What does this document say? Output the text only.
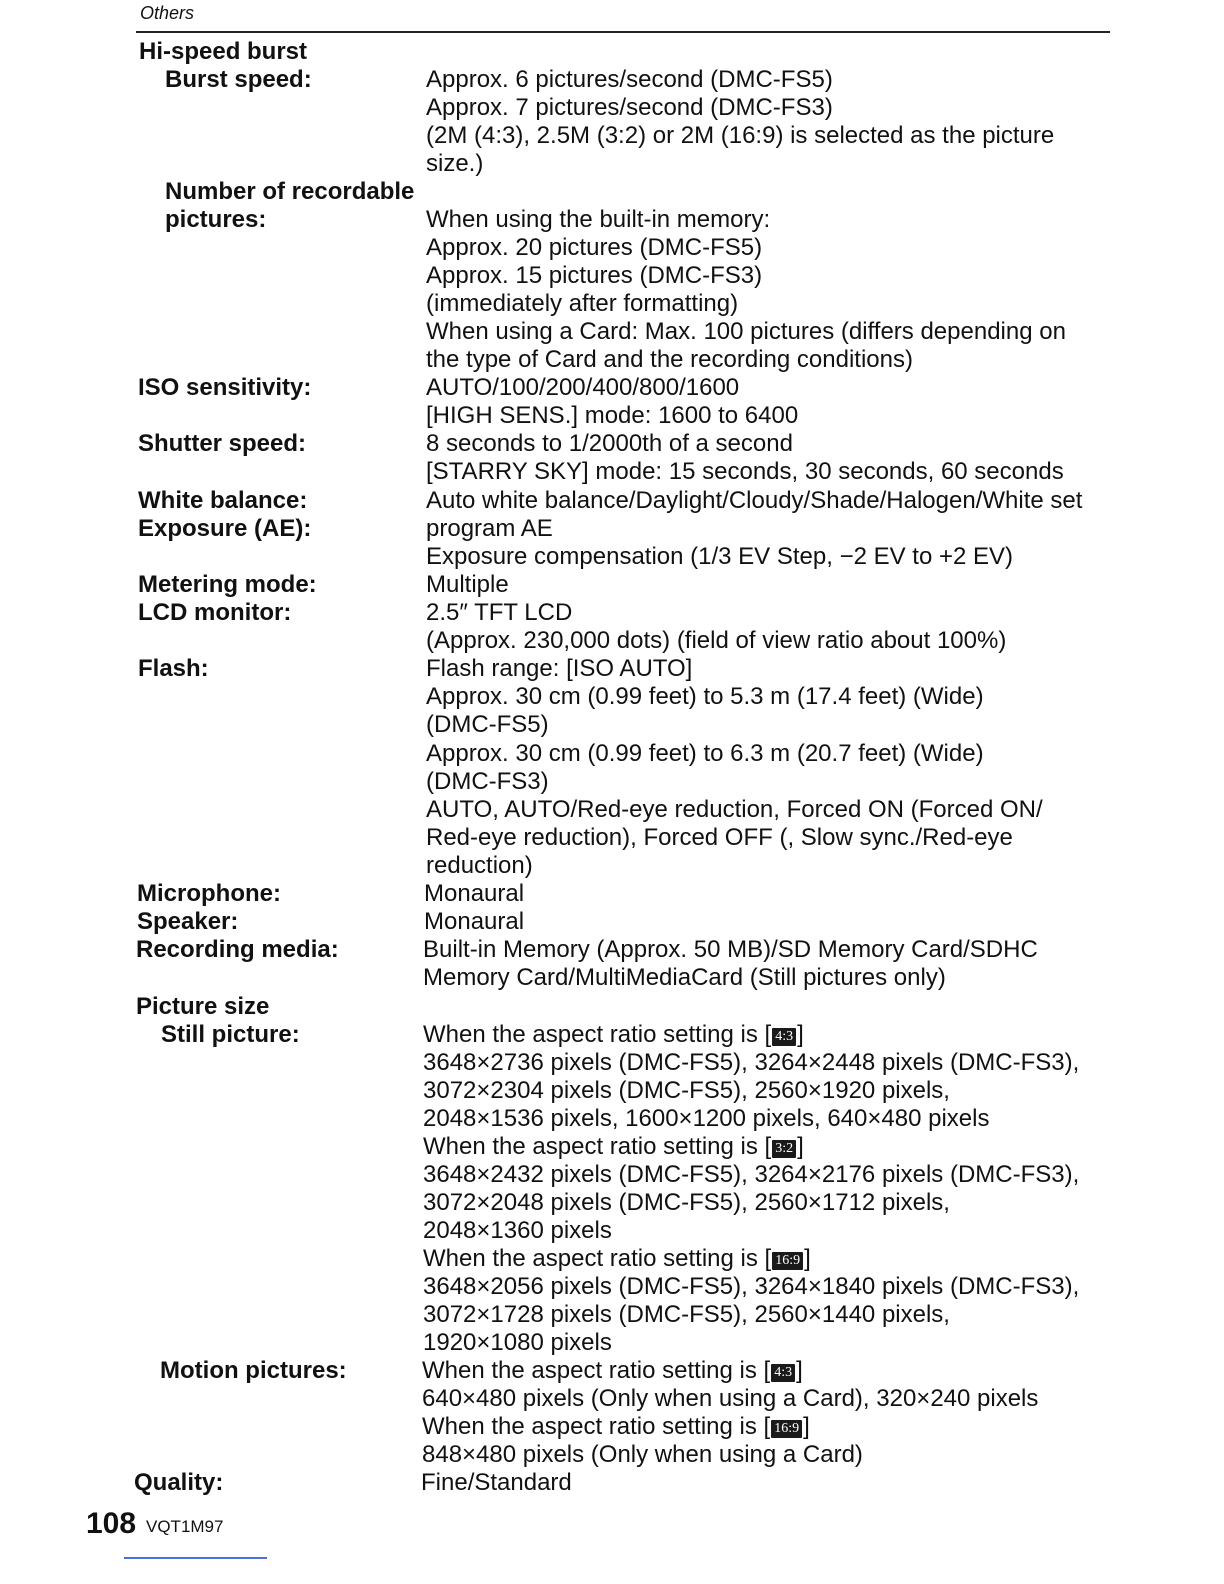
Others
Hi-speed burst
Burst speed:	Approx. 6 pictures/second (DMC-FS5)
Approx. 7 pictures/second (DMC-FS3)
(2M (4:3), 2.5M (3:2) or 2M (16:9) is selected as the picture
size.)
Number of recordable
pictures:	When using the built-in memory:
Approx. 20 pictures (DMC-FS5)
Approx. 15 pictures (DMC-FS3)
(immediately after formatting)
When using a Card: Max. 100 pictures (differs depending on
the type of Card and the recording conditions)
ISO sensitivity:	AUTO/100/200/400/800/1600
[HIGH SENS.] mode: 1600 to 6400
Shutter speed:	8 seconds to 1/2000th of a second
[STARRY SKY] mode: 15 seconds, 30 seconds, 60 seconds
White balance:	Auto white balance/Daylight/Cloudy/Shade/Halogen/White set
Exposure (AE):	program AE
Exposure compensation (1/3 EV Step, −2 EV to +2 EV)
Metering mode:	Multiple
LCD monitor:	2.5″ TFT LCD
(Approx. 230,000 dots) (field of view ratio about 100%)
Flash:	Flash range: [ISO AUTO]
Approx. 30 cm (0.99 feet) to 5.3 m (17.4 feet) (Wide)
(DMC-FS5)
Approx. 30 cm (0.99 feet) to 6.3 m (20.7 feet) (Wide)
(DMC-FS3)
AUTO, AUTO/Red-eye reduction, Forced ON (Forced ON/
Red-eye reduction), Forced OFF (, Slow sync./Red-eye
reduction)
Microphone:	Monaural
Speaker:	Monaural
Recording media:	Built-in Memory (Approx. 50 MB)/SD Memory Card/SDHC
Memory Card/MultiMediaCard (Still pictures only)
Picture size
Still picture:	When the aspect ratio setting is [ 4:3 ]
3648×2736 pixels (DMC-FS5), 3264×2448 pixels (DMC-FS3),
3072×2304 pixels (DMC-FS5), 2560×1920 pixels,
2048×1536 pixels, 1600×1200 pixels, 640×480 pixels
When the aspect ratio setting is [ 3:2 ]
3648×2432 pixels (DMC-FS5), 3264×2176 pixels (DMC-FS3),
3072×2048 pixels (DMC-FS5), 2560×1712 pixels,
2048×1360 pixels
When the aspect ratio setting is [ 16:9 ]
3648×2056 pixels (DMC-FS5), 3264×1840 pixels (DMC-FS3),
3072×1728 pixels (DMC-FS5), 2560×1440 pixels,
1920×1080 pixels
Motion pictures:	When the aspect ratio setting is [ 4:3 ]
640×480 pixels (Only when using a Card), 320×240 pixels
When the aspect ratio setting is [ 16:9 ]
848×480 pixels (Only when using a Card)
Quality:	Fine/Standard
108 VQT1M97
